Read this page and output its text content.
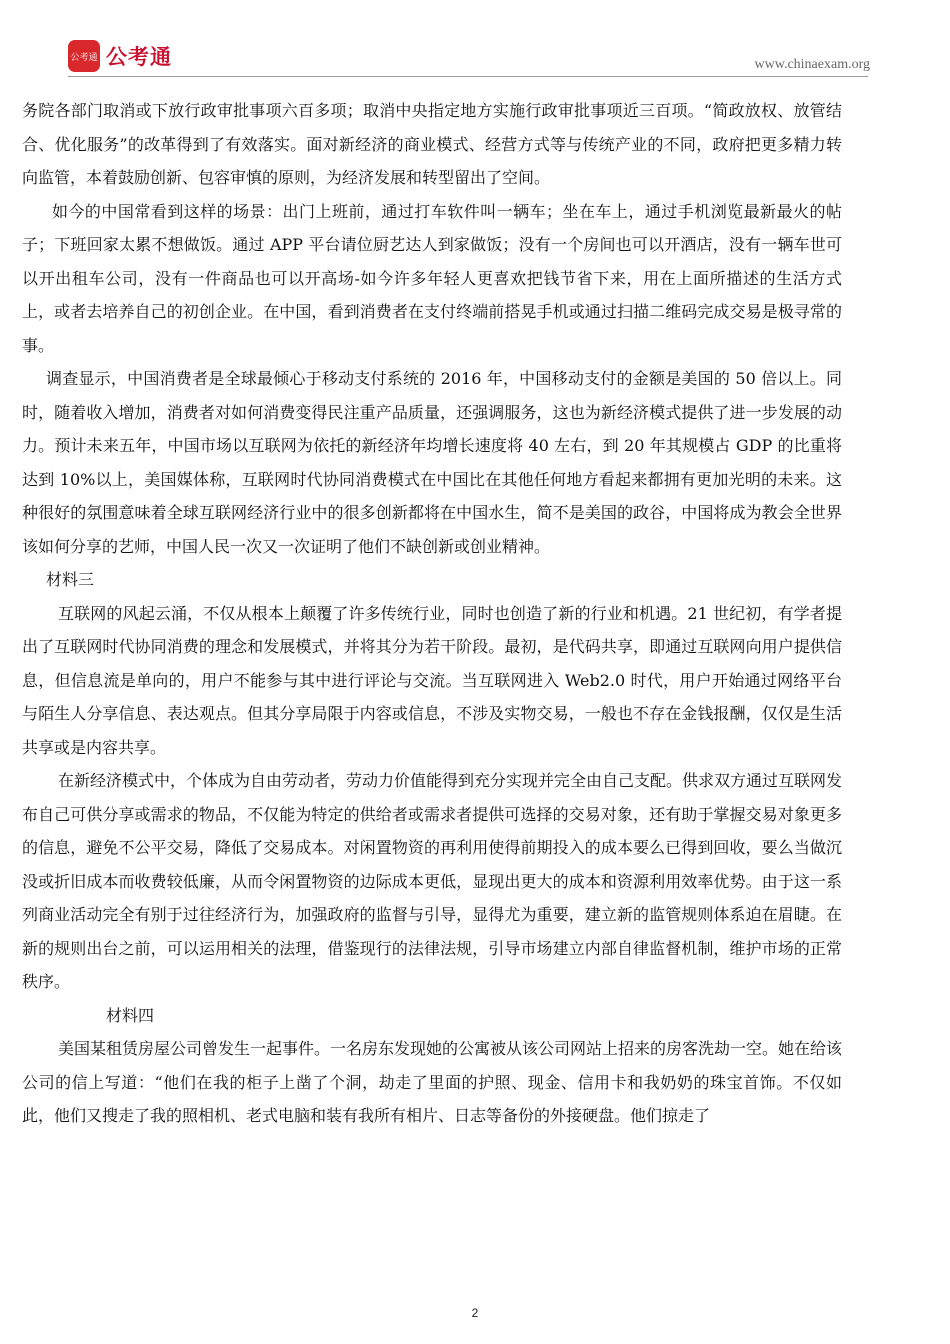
公考通 公考通	www.chinaexam.org

务院各部门取消或下放行政审批事项六百多项；取消中央指定地方实施行政审批事项近三百项。“简政放权、放管结合、优化服务”的改革得到了有效落实。面对新经济的商业模式、经营方式等与传统产业的不同，政府把更多精力转向监管，本着鼓励创新、包容审慎的原则，为经济发展和转型留出了空间。

如今的中国常看到这样的场景：出门上班前，通过打车软件叫一辆车；坐在车上，通过手机浏览最新最火的帖子；下班回家太累不想做饭。通过 APP 平台请位厨艺达人到家做饭；没有一个房间也可以开酒店，没有一辆车世可以开出租车公司，没有一件商品也可以开高场-如今许多年轻人更喜欢把钱节省下来，用在上面所描述的生活方式上，或者去培养自己的初创企业。在中国，看到消费者在支付终端前搭晃手机或通过扫描二维码完成交易是极寻常的事。

调查显示，中国消费者是全球最倾心于移动支付系统的 2016 年，中国移动支付的金额是美国的 50 倍以上。同时，随着收入增加，消费者对如何消费变得民注重产品质量，还强调服务，这也为新经济模式提供了进一步发展的动力。预计未来五年，中国市场以互联网为依托的新经济年均增长速度将 40 左右，到 20 年其规模占 GDP 的比重将达到 10%以上，美国媒体称，互联网时代协同消费模式在中国比在其他任何地方看起来都拥有更加光明的未来。这种很好的氛围意味着全球互联网经济行业中的很多创新都将在中国水生，简不是美国的政谷，中国将成为教会全世界该如何分享的艺师，中国人民一次又一次证明了他们不缺创新或创业精神。

材料三

互联网的风起云涌，不仅从根本上颠覆了许多传统行业，同时也创造了新的行业和机遇。21 世纪初，有学者提出了互联网时代协同消费的理念和发展模式，并将其分为若干阶段。最初，是代码共享，即通过互联网向用户提供信息，但信息流是单向的，用户不能参与其中进行评论与交流。当互联网进入 Web2.0 时代，用户开始通过网络平台与陌生人分享信息、表达观点。但其分享局限于内容或信息，不涉及实物交易，一般也不存在金钱报酬，仅仅是生活共享或是内容共享。

在新经济模式中，个体成为自由劳动者，劳动力价值能得到充分实现并完全由自己支配。供求双方通过互联网发布自己可供分享或需求的物品，不仅能为特定的供给者或需求者提供可选择的交易对象，还有助于掌握交易对象更多的信息，避免不公平交易，降低了交易成本。对闲置物资的再利用使得前期投入的成本要么已得到回收，要么当做沉没或折旧成本而收费较低廉，从而令闲置物资的边际成本更低，显现出更大的成本和资源利用效率优势。由于这一系列商业活动完全有别于过往经济行为，加强政府的监督与引导，显得尤为重要，建立新的监管规则体系迫在眉睫。在新的规则出台之前，可以运用相关的法理，借鉴现行的法律法规，引导市场建立内部自律监督机制，维护市场的正常秩序。

材料四

美国某租赁房屋公司曾发生一起事件。一名房东发现她的公寓被从该公司网站上招来的房客洗劫一空。她在给该公司的信上写道：“他们在我的柜子上凿了个洞，劫走了里面的护照、现金、信用卡和我奶奶的珠宝首饰。不仅如此，他们又搜走了我的照相机、老式电脑和装有我所有相片、日志等备份的外接硬盘。他们掠走了

2
